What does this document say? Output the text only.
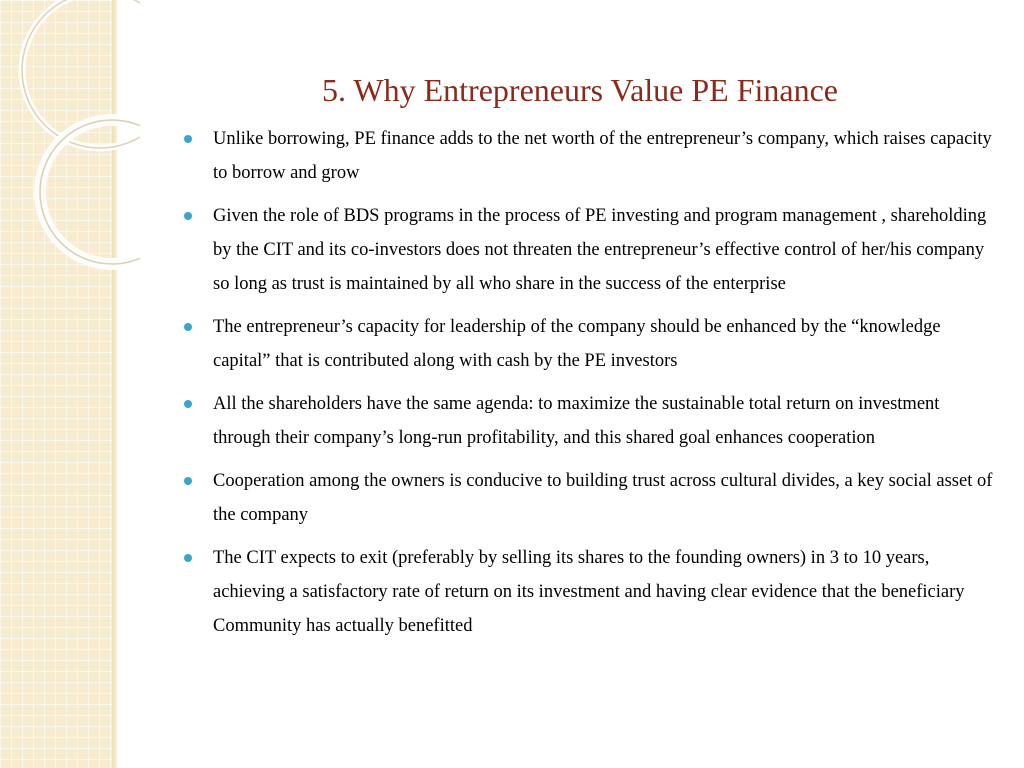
5. Why Entrepreneurs Value PE Finance
Unlike borrowing, PE finance adds to the net worth of the entrepreneur’s company, which raises capacity to borrow and grow
Given the role of BDS programs in the process of PE investing and program management , shareholding by the CIT and its co-investors does not threaten the entrepreneur’s effective control of her/his company so long as trust is maintained by all who share in the success of the enterprise
The entrepreneur’s capacity for leadership of the company should be enhanced by the “knowledge capital” that is contributed along with cash by the PE investors
All the shareholders have the same agenda: to maximize the sustainable total return on investment through their company’s long-run profitability, and this shared goal enhances cooperation
Cooperation among the owners is conducive to building trust across cultural divides, a key social asset of the company
The CIT expects to exit (preferably by selling its shares to the founding owners) in 3 to 10 years, achieving a satisfactory rate of return on its investment and having clear evidence that the beneficiary Community has actually benefitted
